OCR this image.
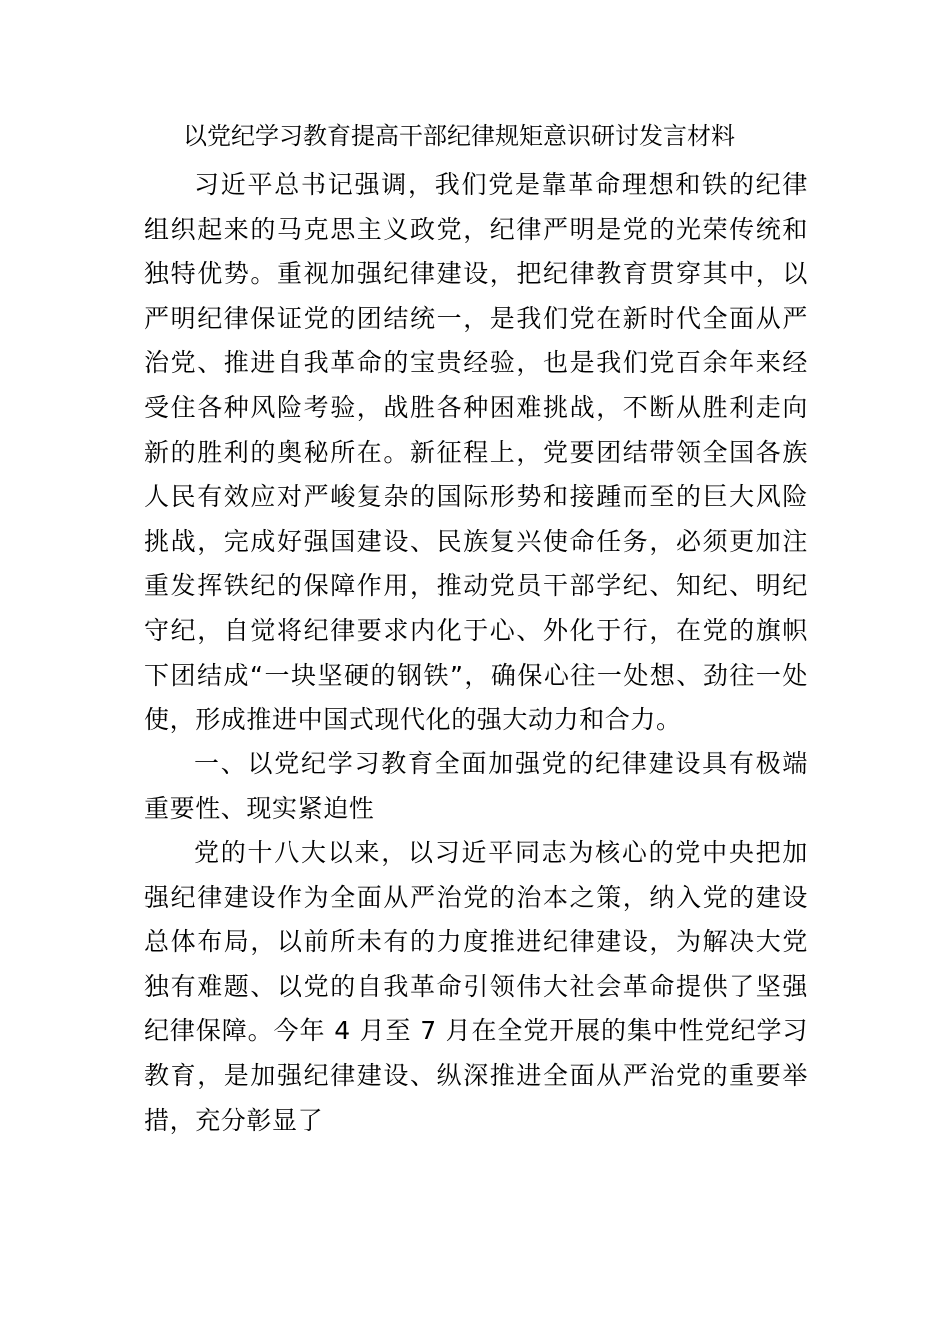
以党纪学习教育提高干部纪律规矩意识研讨发言材料

习近平总书记强调，我们党是靠革命理想和铁的纪律组织起来的马克思主义政党，纪律严明是党的光荣传统和独特优势。重视加强纪律建设，把纪律教育贯穿其中，以严明纪律保证党的团结统一，是我们党在新时代全面从严治党、推进自我革命的宝贵经验，也是我们党百余年来经受住各种风险考验，战胜各种困难挑战，不断从胜利走向新的胜利的奥秘所在。新征程上，党要团结带领全国各族人民有效应对严峻复杂的国际形势和接踵而至的巨大风险挑战，完成好强国建设、民族复兴使命任务，必须更加注重发挥铁纪的保障作用，推动党员干部学纪、知纪、明纪守纪，自觉将纪律要求内化于心、外化于行，在党的旗帜下团结成“一块坚硬的钢铁”，确保心往一处想、劲往一处使，形成推进中国式现代化的强大动力和合力。

一、以党纪学习教育全面加强党的纪律建设具有极端重要性、现实紧迫性

党的十八大以来，以习近平同志为核心的党中央把加强纪律建设作为全面从严治党的治本之策，纳入党的建设总体布局，以前所未有的力度推进纪律建设，为解决大党独有难题、以党的自我革命引领伟大社会革命提供了坚强纪律保障。今年 4 月至 7 月在全党开展的集中性党纪学习教育，是加强纪律建设、纵深推进全面从严治党的重要举措，充分彰显了
